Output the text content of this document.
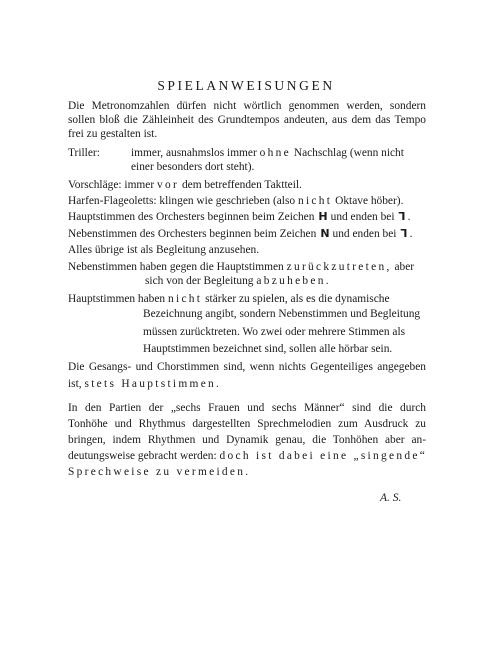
SPIELANWEISUNGEN
Die Metronomzahlen dürfen nicht wörtlich genommen werden, sondern
sollen bloß die Zähleinheit des Grundtempos andeuten, aus dem das Tempo
frei zu gestalten ist.
Triller:	immer, ausnahmslos immer ohne Nachschlag (wenn nicht
einer besonders dort steht).
Vorschläge: immer vor dem betreffenden Taktteil.
Harfen-Flageoletts: klingen wie geschrieben (also nicht Oktave höber).
Hauptstimmen des Orchesters beginnen beim Zeichen H und enden bei ⅂ .
Nebenstimmen des Orchesters beginnen beim Zeichen N und enden bei ⅂ .
Alles übrige ist als Begleitung anzusehen.
Nebenstimmen haben gegen die Hauptstimmen zurückzutreten, aber
sich von der Begleitung abzuheben.
Hauptstimmen haben nicht stärker zu spielen, als es die dynamische
Bezeichnung angibt, sondern Nebenstimmen und Begleitung
müssen zurücktreten. Wo zwei oder mehrere Stimmen als
Hauptstimmen bezeichnet sind, sollen alle hörbar sein.
Die Gesangs- und Chorstimmen sind, wenn nichts Gegenteiliges angegeben
ist, stets Hauptstimmen.
In den Partien der „sechs Frauen und sechs Männer“ sind die durch
Tonhöhe und Rhythmus dargestellten Sprechmelodien zum Ausdruck zu
bringen, indem Rhythmen und Dynamik genau, die Tonhöhen aber an-
deutungsweise gebracht werden: doch ist dabei eine „singende“
Sprechweise zu vermeiden.
A. S.
